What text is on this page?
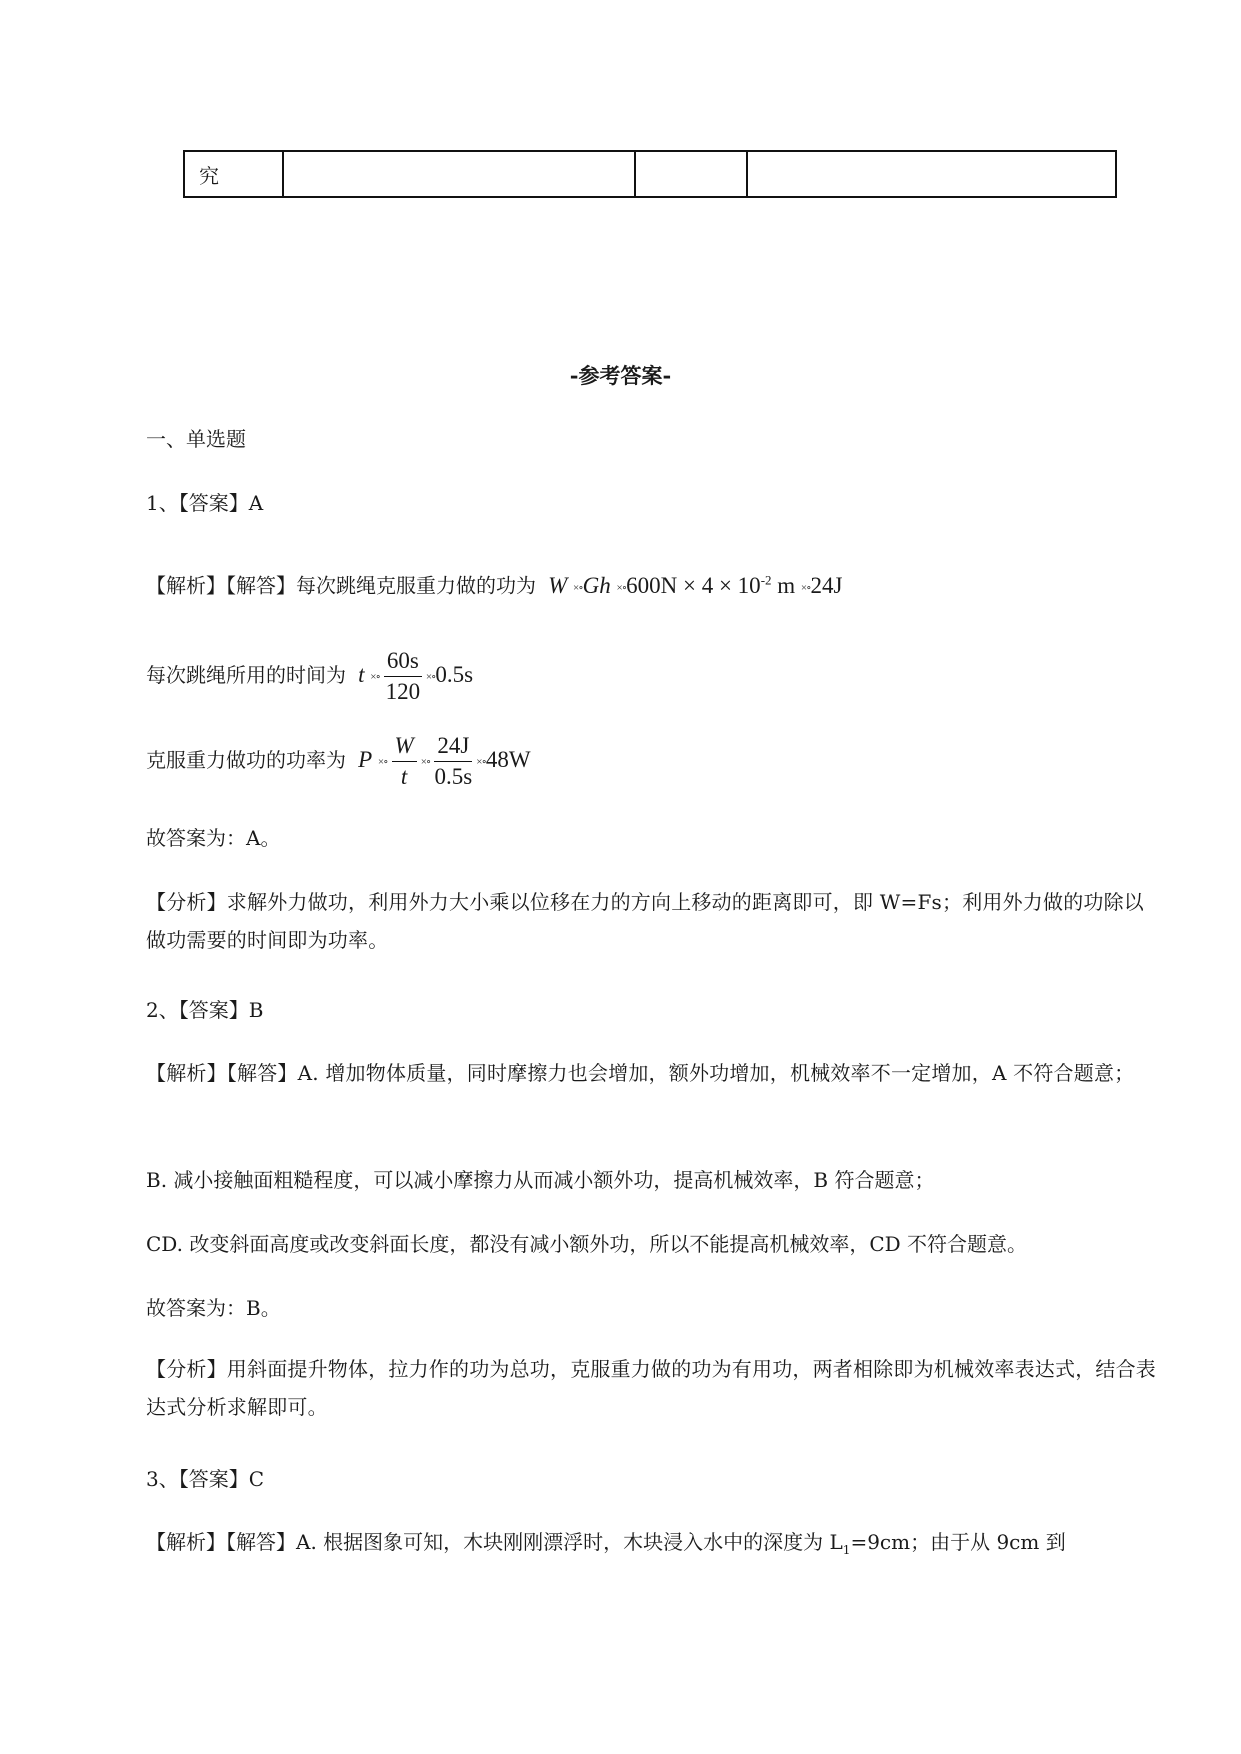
究			
-参考答案-
一、单选题
1、【答案】A
【解析】【解答】每次跳绳克服重力做的功为 W ×∘Gh ×∘600N × $4 \times 10^{-2}$ m ×∘24J
每次跳绳所用的时间为 t ×∘ $\frac{60s}{120}$ ×∘0.5s
克服重力做功的功率为 P ×∘ $\frac{W}{t}$ ×∘ $\frac{24J}{0.5s}$ ×∘48W
故答案为：A。
【分析】求解外力做功，利用外力大小乘以位移在力的方向上移动的距离即可，即 W=Fs；利用外力做的功除以做功需要的时间即为功率。
2、【答案】B
【解析】【解答】A. 增加物体质量，同时摩擦力也会增加，额外功增加，机械效率不一定增加，A 不符合题意；
B. 减小接触面粗糙程度，可以减小摩擦力从而减小额外功，提高机械效率，B 符合题意；
CD. 改变斜面高度或改变斜面长度，都没有减小额外功，所以不能提高机械效率，CD 不符合题意。
故答案为：B。
【分析】用斜面提升物体，拉力作的功为总功，克服重力做的功为有用功，两者相除即为机械效率表达式，结合表达式分析求解即可。
3、【答案】C
【解析】【解答】A. 根据图象可知，木块刚刚漂浮时，木块浸入水中的深度为 $L_1=9cm$；由于从 9cm 到
